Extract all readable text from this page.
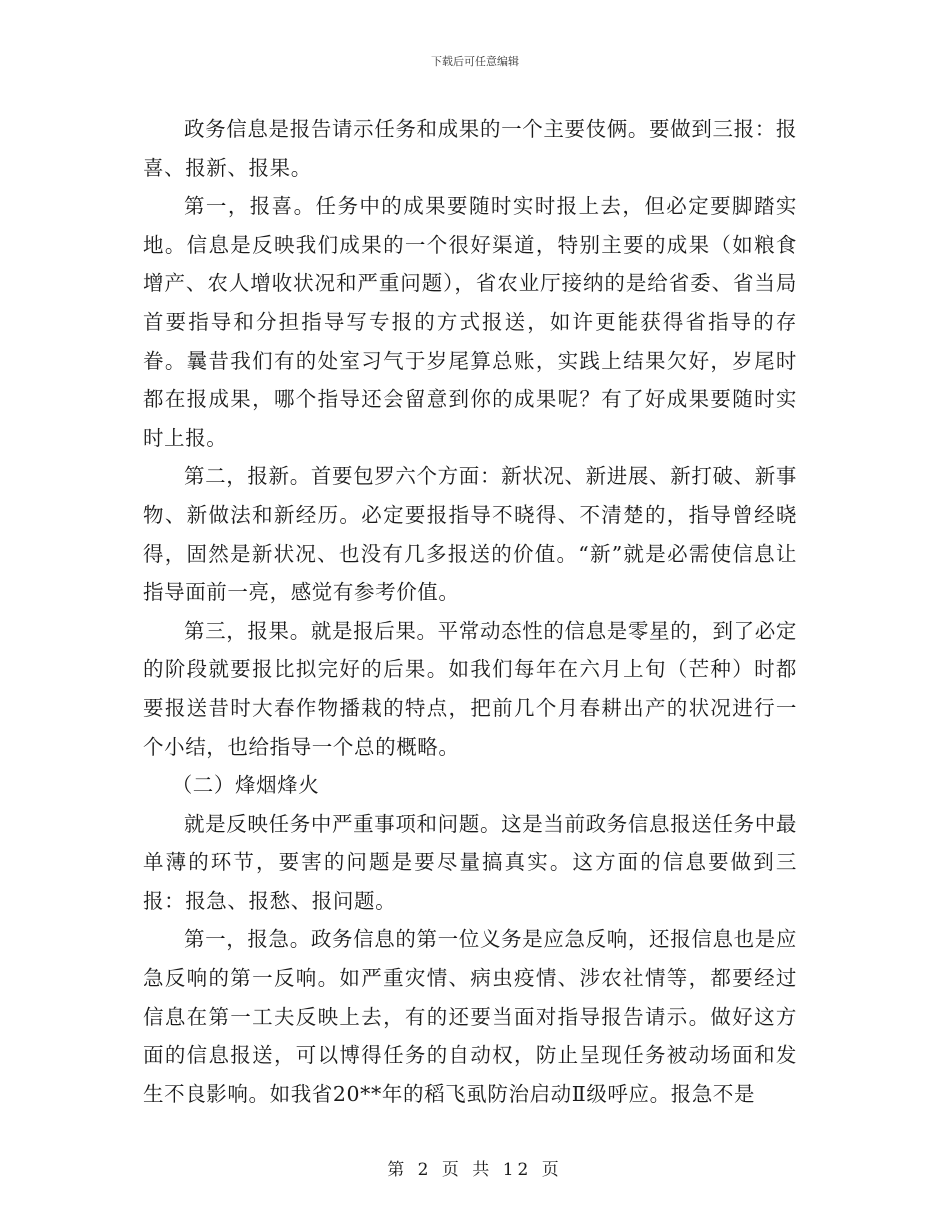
下载后可任意编辑

政务信息是报告请示任务和成果的一个主要伎俩。要做到三报：报喜、报新、报果。

第一，报喜。任务中的成果要随时实时报上去，但必定要脚踏实地。信息是反映我们成果的一个很好渠道，特别主要的成果（如粮食增产、农人增收状况和严重问题），省农业厅接纳的是给省委、省当局首要指导和分担指导写专报的方式报送，如许更能获得省指导的存眷。曩昔我们有的处室习气于岁尾算总账，实践上结果欠好，岁尾时都在报成果，哪个指导还会留意到你的成果呢？有了好成果要随时实时上报。

第二，报新。首要包罗六个方面：新状况、新进展、新打破、新事物、新做法和新经历。必定要报指导不晓得、不清楚的，指导曾经晓得，固然是新状况、也没有几多报送的价值。“新”就是必需使信息让指导面前一亮，感觉有参考价值。

第三，报果。就是报后果。平常动态性的信息是零星的，到了必定的阶段就要报比拟完好的后果。如我们每年在六月上旬（芒种）时都要报送昔时大春作物播栽的特点，把前几个月春耕出产的状况进行一个小结，也给指导一个总的概略。

（二）烽烟烽火

就是反映任务中严重事项和问题。这是当前政务信息报送任务中最单薄的环节，要害的问题是要尽量搞真实。这方面的信息要做到三报：报急、报愁、报问题。

第一，报急。政务信息的第一位义务是应急反响，还报信息也是应急反响的第一反响。如严重灾情、病虫疫情、涉农社情等，都要经过信息在第一工夫反映上去，有的还要当面对指导报告请示。做好这方面的信息报送，可以博得任务的自动权，防止呈现任务被动场面和发生不良影响。如我省20**年的稻飞虱防治启动Ⅱ级呼应。报急不是

第 2 页 共 12 页
